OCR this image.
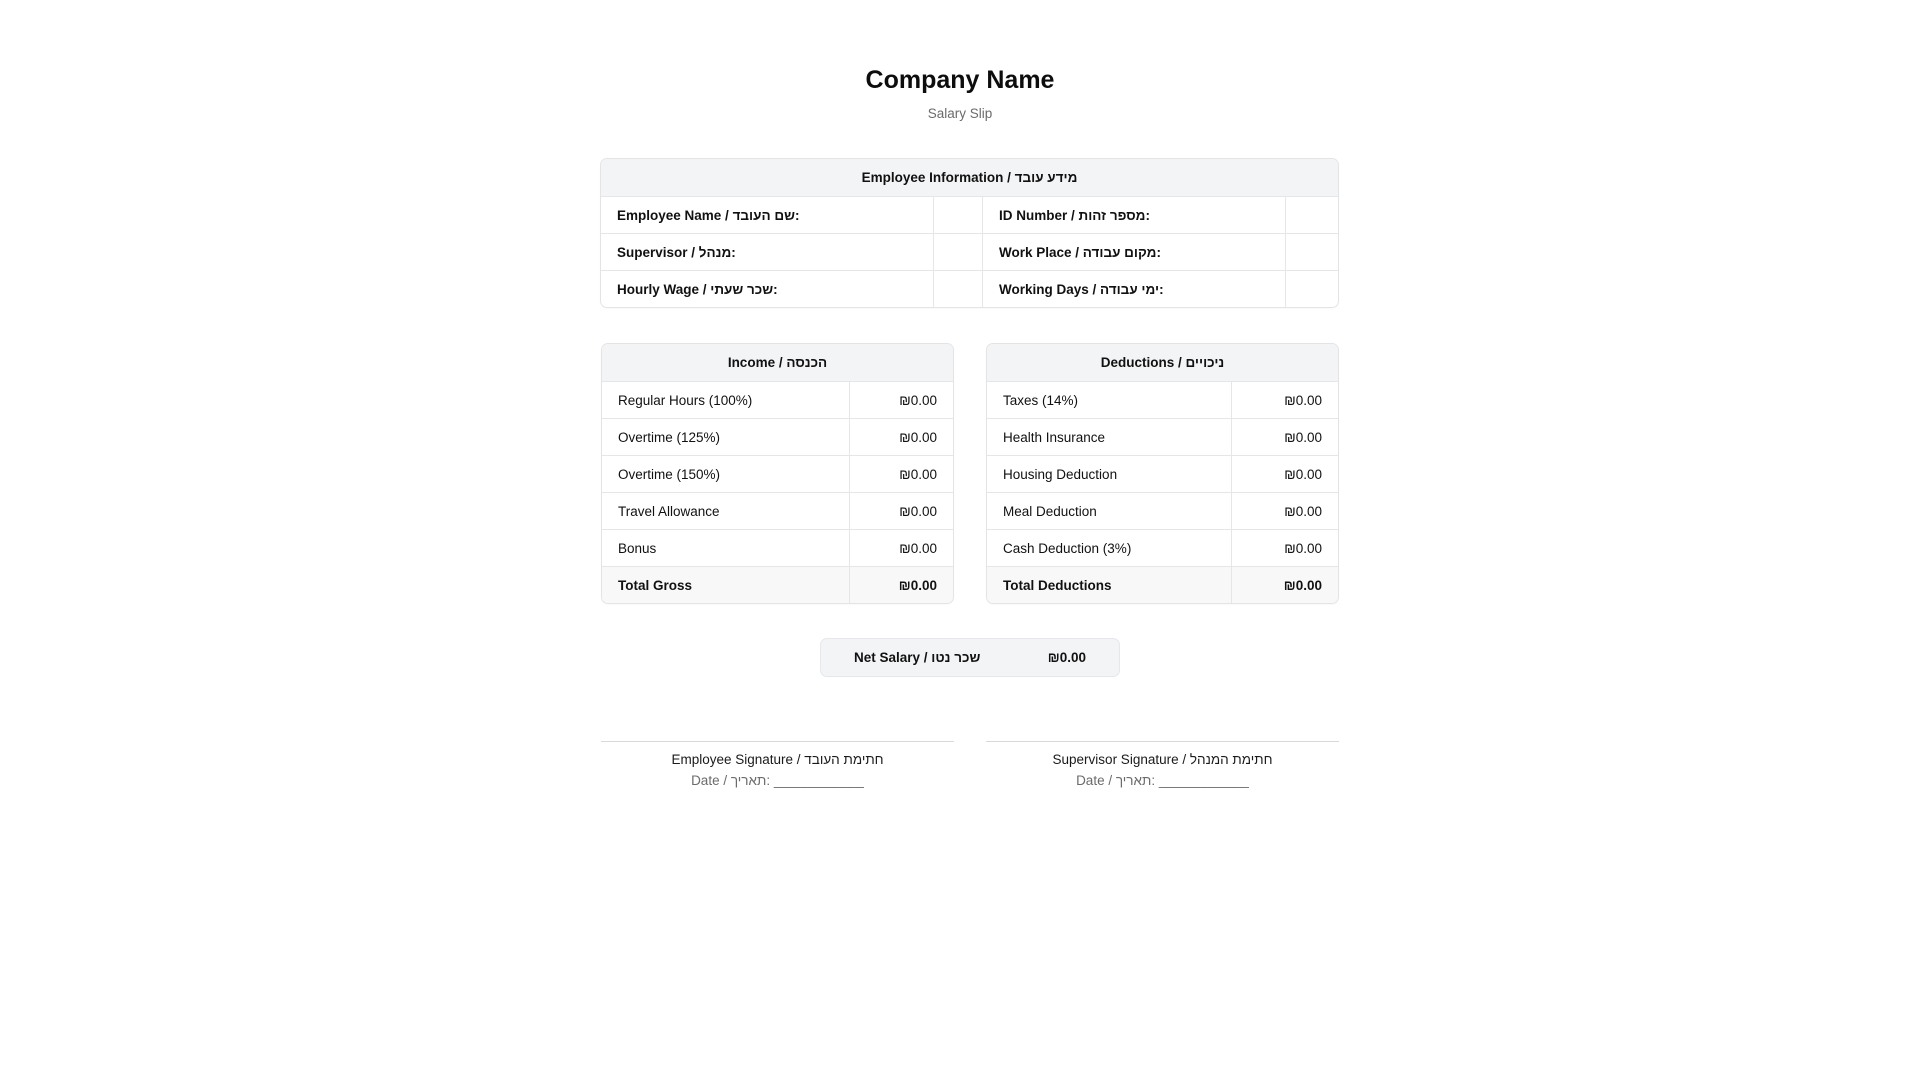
Company Name
Salary Slip
Employee Information / מידע עובד			
Employee Name / שם העובד:		ID Number / מספר זהות:	
Supervisor / מנהל:		Work Place / מקום עבודה:	
Hourly Wage / שכר שעתי:		Working Days / ימי עבודה:	
Income / הכנסה	
Regular Hours (100%)	₪0.00
Overtime (125%)	₪0.00
Overtime (150%)	₪0.00
Travel Allowance	₪0.00
Bonus	₪0.00
Total Gross	₪0.00
Deductions / ניכויים	
Taxes (14%)	₪0.00
Health Insurance	₪0.00
Housing Deduction	₪0.00
Meal Deduction	₪0.00
Cash Deduction (3%)	₪0.00
Total Deductions	₪0.00
Net Salary / שכר נטו	₪0.00
Employee Signature / חתימת העובד
Date / תאריך: ____________
Supervisor Signature / חתימת המנהל
Date / תאריך: ____________
